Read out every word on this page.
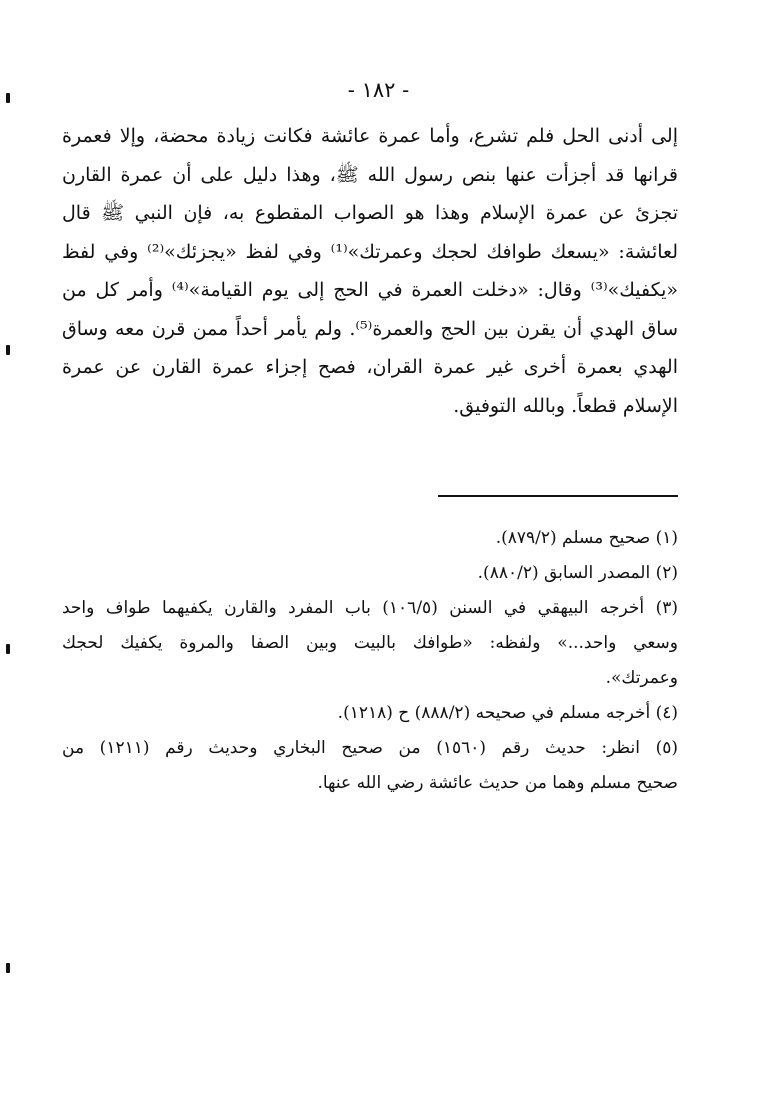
- ١٨٢ -
إلى أدنى الحل فلم تشرع، وأما عمرة عائشة فكانت زيادة محضة، وإلا فعمرة
قرانها قد أجزأت عنها بنص رسول الله ﷺ، وهذا دليل على أن عمرة القارن
تجزئ عن عمرة الإسلام وهذا هو الصواب المقطوع به، فإن النبي ﷺ قال
لعائشة: «يسعك طوافك لحجك وعمرتك»⁽¹⁾ وفي لفظ «يجزئك»⁽²⁾ وفي لفظ
«يكفيك»⁽³⁾ وقال: «دخلت العمرة في الحج إلى يوم القيامة»⁽⁴⁾ وأمر كل من
ساق الهدي أن يقرن بين الحج والعمرة⁽⁵⁾. ولم يأمر أحداً ممن قرن معه وساق
الهدي بعمرة أخرى غير عمرة القران، فصح إجزاء عمرة القارن عن عمرة
الإسلام قطعاً. وبالله التوفيق.
(١) صحيح مسلم (٨٧٩/٢).
(٢) المصدر السابق (٨٨٠/٢).
(٣) أخرجه البيهقي في السنن (١٠٦/٥) باب المفرد والقارن يكفيهما طواف واحد
وسعي واحد...» ولفظه: «طوافك بالبيت وبين الصفا والمروة يكفيك لحجك
وعمرتك».
(٤) أخرجه مسلم في صحيحه (٨٨٨/٢) ح (١٢١٨).
(٥) انظر: حديث رقم (١٥٦٠) من صحيح البخاري وحديث رقم (١٢١١) من
صحيح مسلم وهما من حديث عائشة رضي الله عنها.
